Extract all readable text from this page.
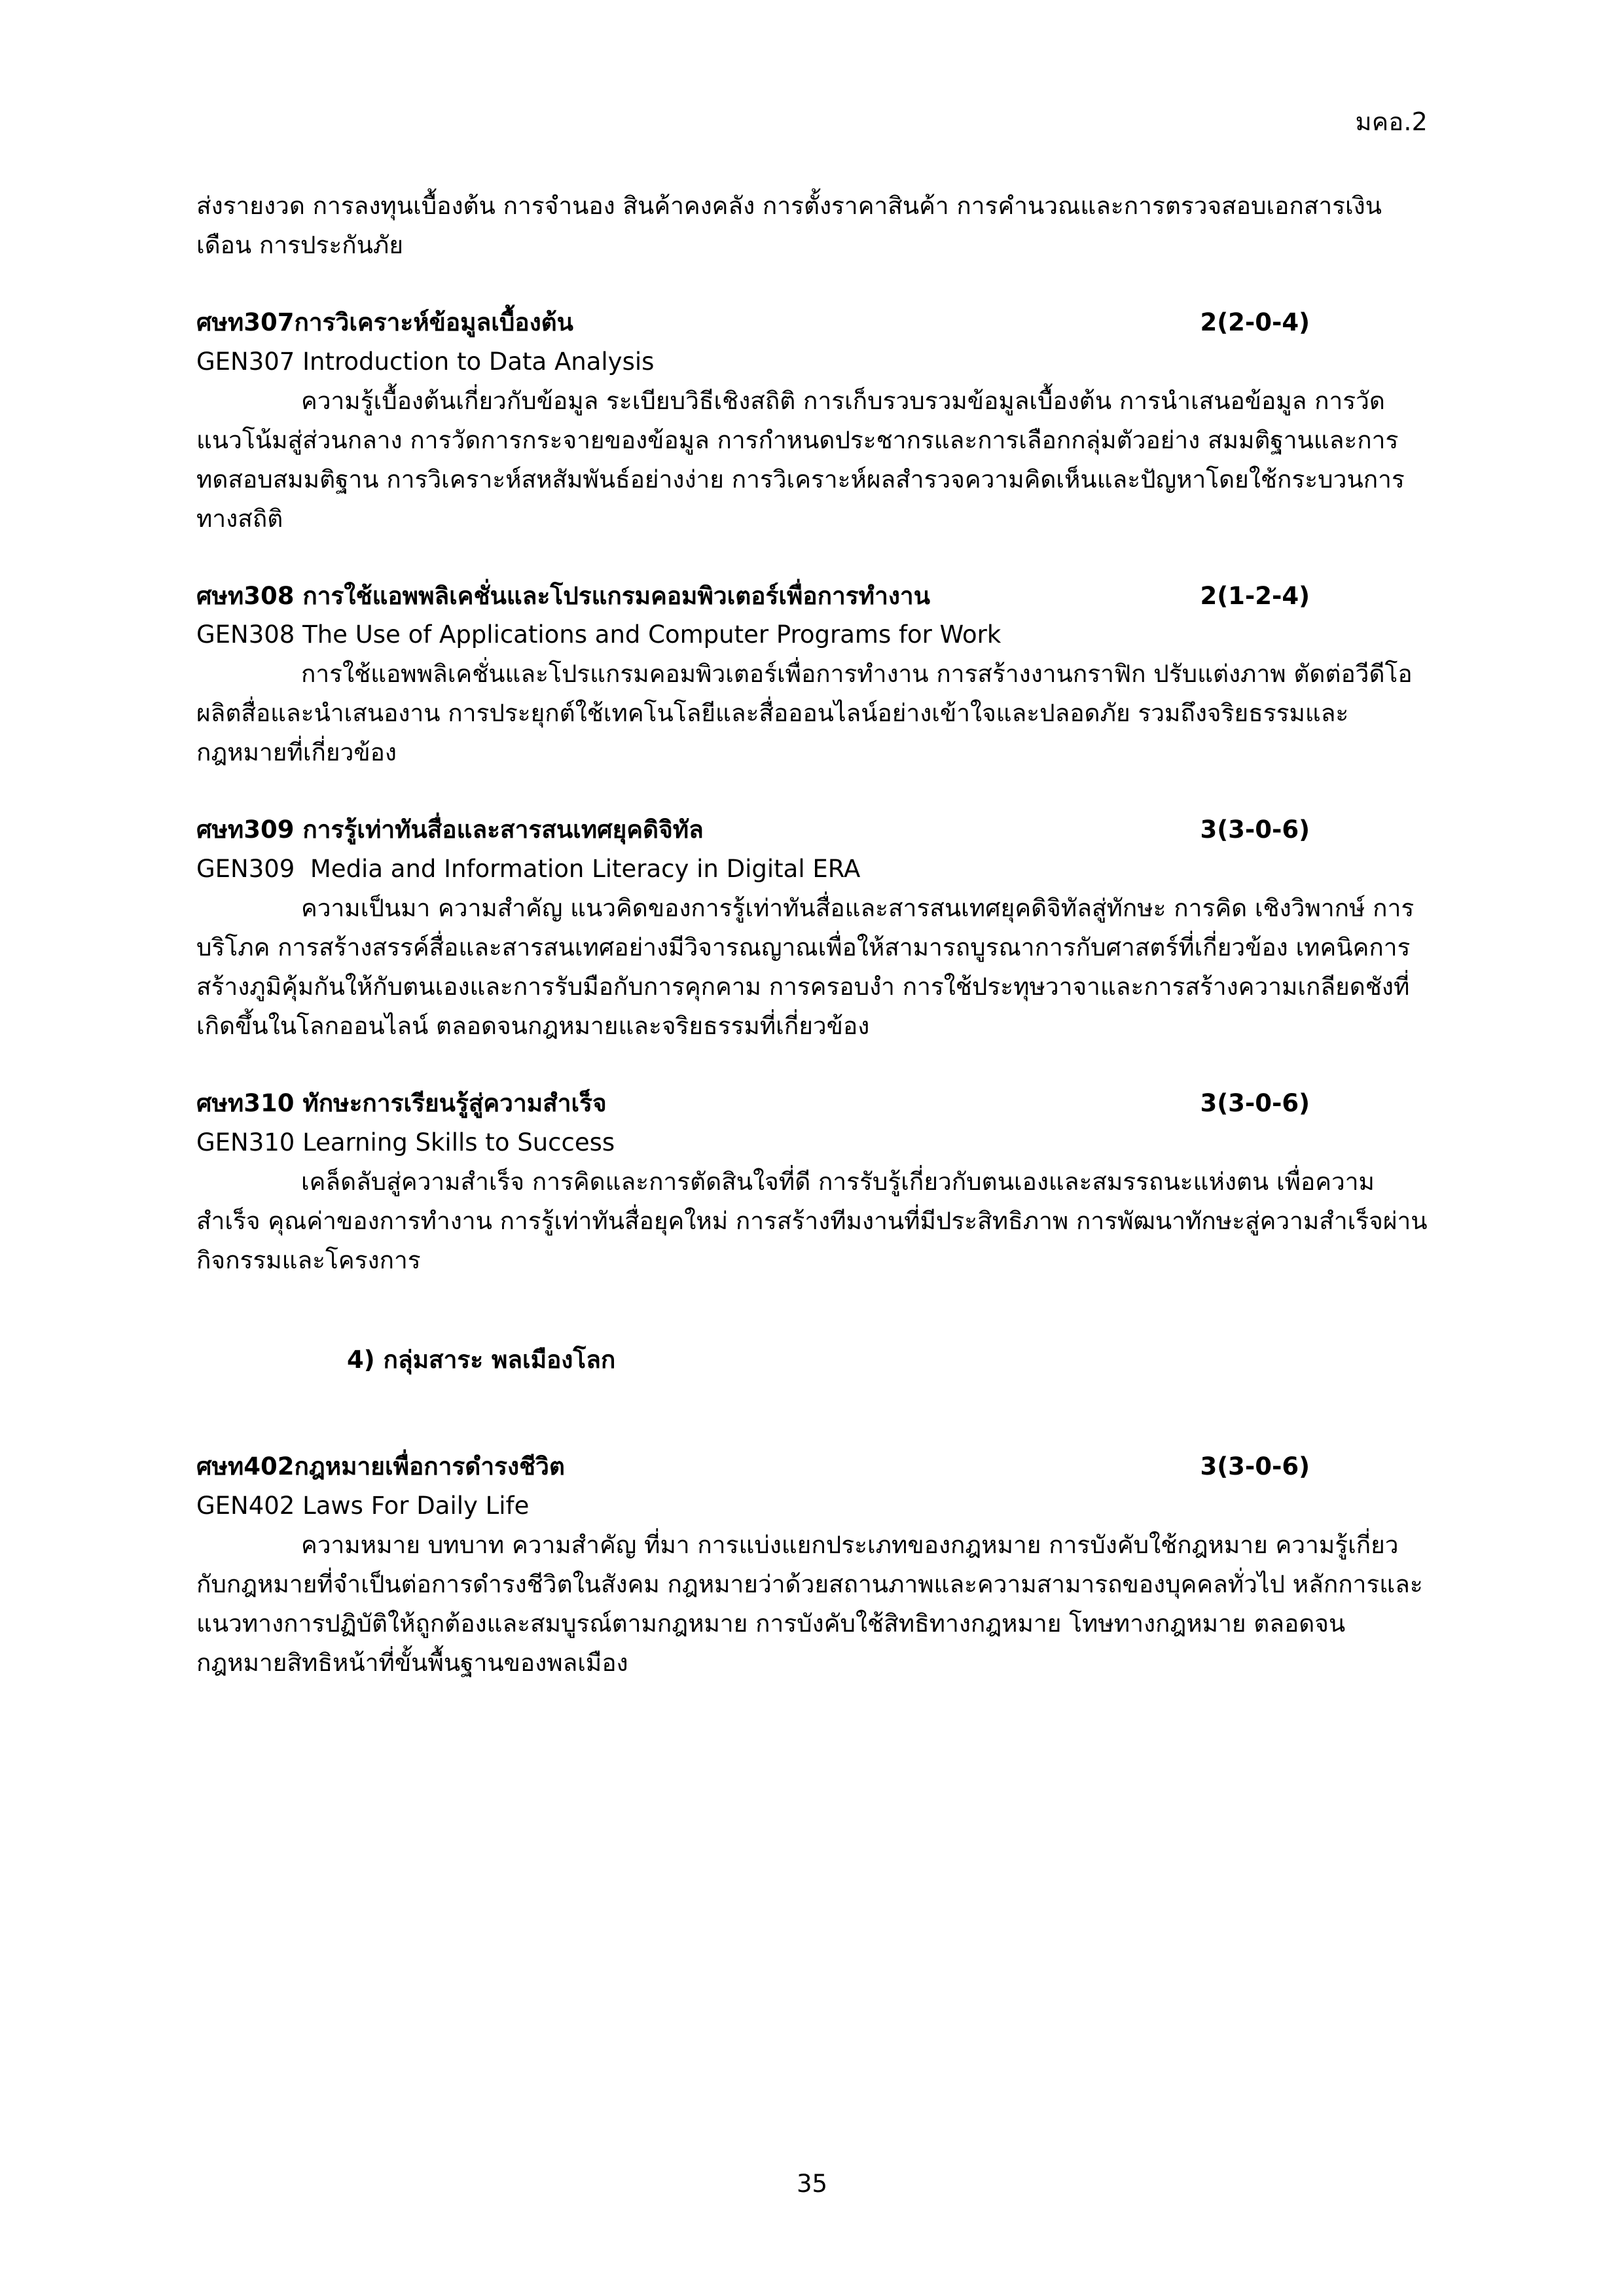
มคอ.2

ส่งรายงวด การลงทุนเบื้องต้น การจำนอง สินค้าคงคลัง การตั้งราคาสินค้า การคำนวณและการตรวจสอบเอกสารเงินเดือน การประกันภัย

ศษท307 การวิเคราะห์ข้อมูลเบื้องต้น	2(2-0-4)

GEN307 Introduction to Data Analysis

ความรู้เบื้องต้นเกี่ยวกับข้อมูล ระเบียบวิธีเชิงสถิติ การเก็บรวบรวมข้อมูลเบื้องต้น การนำเสนอข้อมูล การวัดแนวโน้มสู่ส่วนกลาง การวัดการกระจายของข้อมูล การกำหนดประชากรและการเลือกกลุ่มตัวอย่าง สมมติฐานและการทดสอบสมมติฐาน การวิเคราะห์สหสัมพันธ์อย่างง่าย การวิเคราะห์ผลสำรวจความคิดเห็นและปัญหาโดยใช้กระบวนการทางสถิติ

ศษท308 การใช้แอพพลิเคชั่นและโปรแกรมคอมพิวเตอร์เพื่อการทำงาน	2(1-2-4)

GEN308 The Use of Applications and Computer Programs for Work

การใช้แอพพลิเคชั่นและโปรแกรมคอมพิวเตอร์เพื่อการทำงาน การสร้างงานกราฟิก ปรับแต่งภาพ ตัดต่อวีดีโอ ผลิตสื่อและนำเสนองาน การประยุกต์ใช้เทคโนโลยีและสื่อออนไลน์อย่างเข้าใจและปลอดภัย รวมถึงจริยธรรมและกฎหมายที่เกี่ยวข้อง

ศษท309 การรู้เท่าทันสื่อและสารสนเทศยุคดิจิทัล	3(3-0-6)

GEN309  Media and Information Literacy in Digital ERA

ความเป็นมา ความสำคัญ แนวคิดของการรู้เท่าทันสื่อและสารสนเทศยุคดิจิทัลสู่ทักษะ การคิด เชิงวิพากษ์ การบริโภค การสร้างสรรค์สื่อและสารสนเทศอย่างมีวิจารณญาณเพื่อให้สามารถบูรณาการกับศาสตร์ที่เกี่ยวข้อง เทคนิคการสร้างภูมิคุ้มกันให้กับตนเองและการรับมือกับการคุกคาม การครอบงำ การใช้ประทุษวาจาและการสร้างความเกลียดชังที่เกิดขึ้นในโลกออนไลน์ ตลอดจนกฎหมายและจริยธรรมที่เกี่ยวข้อง

ศษท310 ทักษะการเรียนรู้สู่ความสำเร็จ	3(3-0-6)

GEN310 Learning Skills to Success

เคล็ดลับสู่ความสำเร็จ การคิดและการตัดสินใจที่ดี การรับรู้เกี่ยวกับตนเองและสมรรถนะแห่งตน เพื่อความสำเร็จ คุณค่าของการทำงาน การรู้เท่าทันสื่อยุคใหม่ การสร้างทีมงานที่มีประสิทธิภาพ การพัฒนาทักษะสู่ความสำเร็จผ่านกิจกรรมและโครงการ

4) กลุ่มสาระ พลเมืองโลก

ศษท402 กฎหมายเพื่อการดำรงชีวิต	3(3-0-6)

GEN402 Laws For Daily Life

ความหมาย บทบาท ความสำคัญ ที่มา การแบ่งแยกประเภทของกฎหมาย การบังคับใช้กฎหมาย ความรู้เกี่ยวกับกฎหมายที่จำเป็นต่อการดำรงชีวิตในสังคม กฎหมายว่าด้วยสถานภาพและความสามารถของบุคคลทั่วไป หลักการและแนวทางการปฏิบัติให้ถูกต้องและสมบูรณ์ตามกฎหมาย การบังคับใช้สิทธิทางกฎหมาย โทษทางกฎหมาย ตลอดจนกฎหมายสิทธิหน้าที่ขั้นพื้นฐานของพลเมือง

35
